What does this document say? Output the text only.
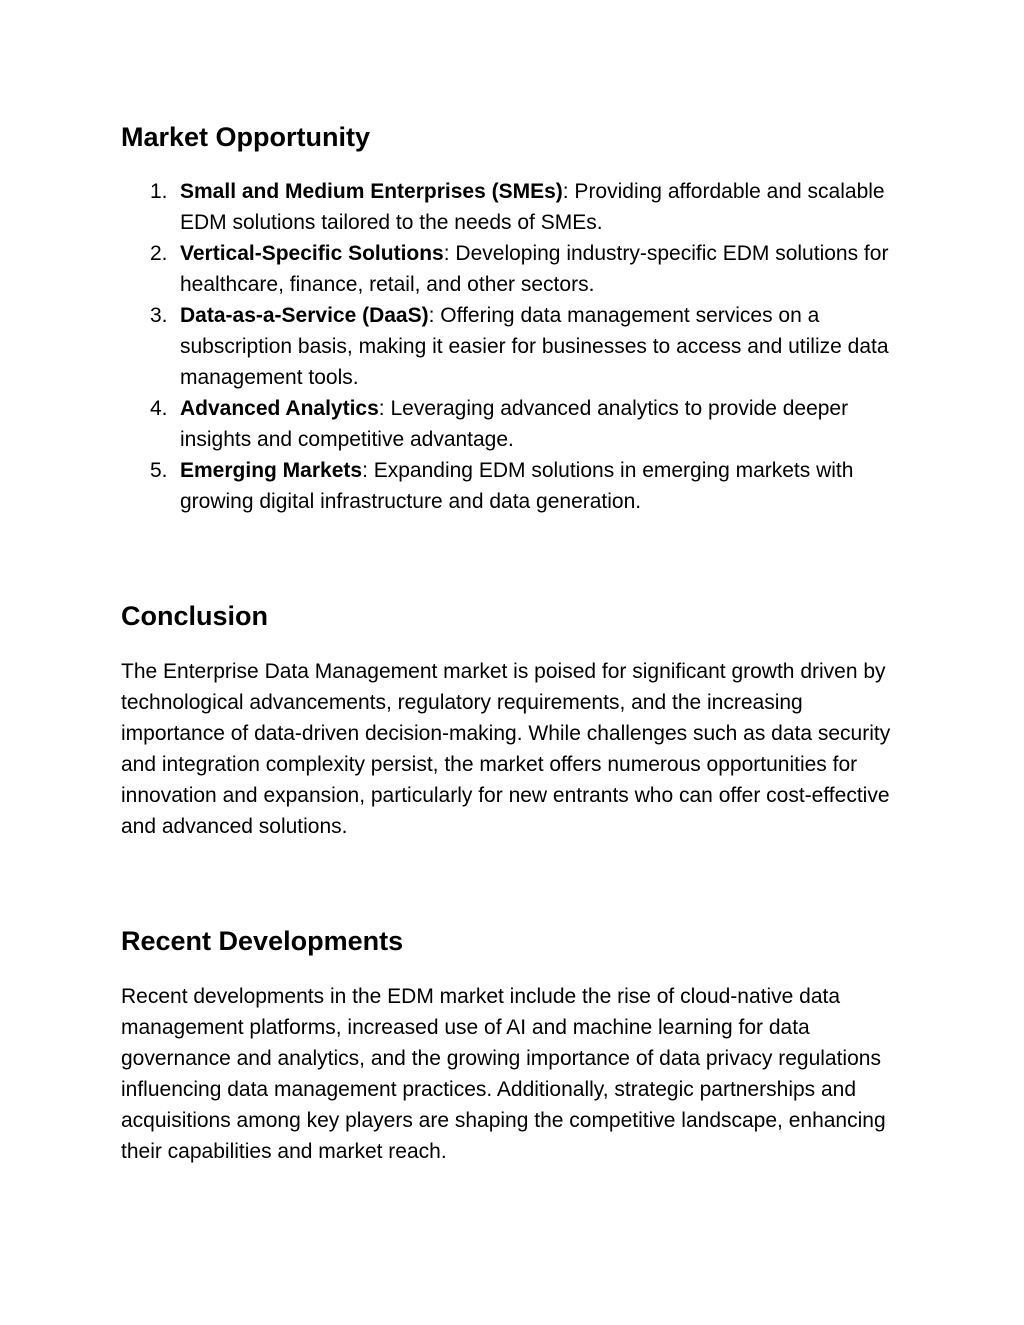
Market Opportunity
1. Small and Medium Enterprises (SMEs): Providing affordable and scalable EDM solutions tailored to the needs of SMEs.
2. Vertical-Specific Solutions: Developing industry-specific EDM solutions for healthcare, finance, retail, and other sectors.
3. Data-as-a-Service (DaaS): Offering data management services on a subscription basis, making it easier for businesses to access and utilize data management tools.
4. Advanced Analytics: Leveraging advanced analytics to provide deeper insights and competitive advantage.
5. Emerging Markets: Expanding EDM solutions in emerging markets with growing digital infrastructure and data generation.
Conclusion

The Enterprise Data Management market is poised for significant growth driven by technological advancements, regulatory requirements, and the increasing importance of data-driven decision-making. While challenges such as data security and integration complexity persist, the market offers numerous opportunities for innovation and expansion, particularly for new entrants who can offer cost-effective and advanced solutions.

Recent Developments

Recent developments in the EDM market include the rise of cloud-native data management platforms, increased use of AI and machine learning for data governance and analytics, and the growing importance of data privacy regulations influencing data management practices. Additionally, strategic partnerships and acquisitions among key players are shaping the competitive landscape, enhancing their capabilities and market reach.
